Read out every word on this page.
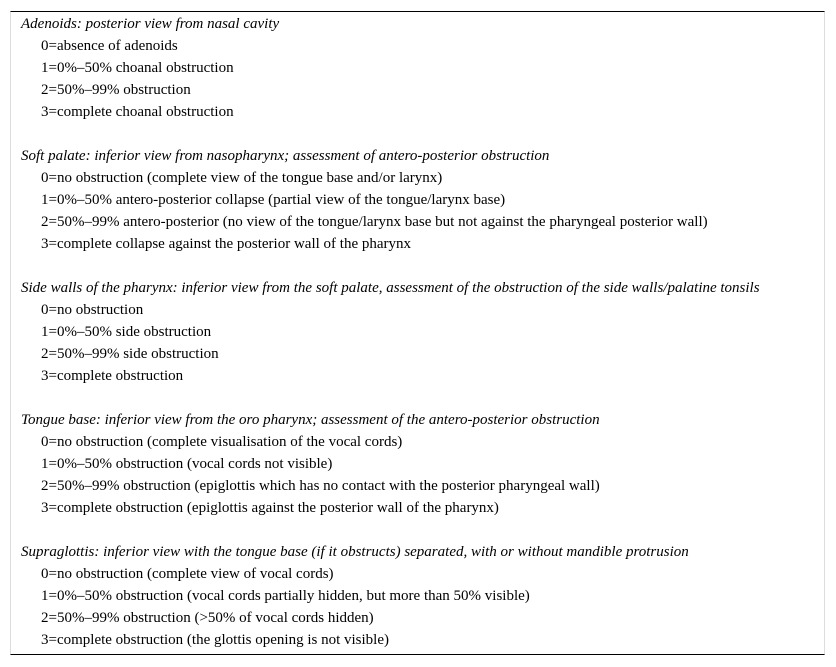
Adenoids: posterior view from nasal cavity
0=absence of adenoids
1=0%–50% choanal obstruction
2=50%–99% obstruction
3=complete choanal obstruction
Soft palate: inferior view from nasopharynx; assessment of antero-posterior obstruction
0=no obstruction (complete view of the tongue base and/or larynx)
1=0%–50% antero-posterior collapse (partial view of the tongue/larynx base)
2=50%–99% antero-posterior (no view of the tongue/larynx base but not against the pharyngeal posterior wall)
3=complete collapse against the posterior wall of the pharynx
Side walls of the pharynx: inferior view from the soft palate, assessment of the obstruction of the side walls/palatine tonsils
0=no obstruction
1=0%–50% side obstruction
2=50%–99% side obstruction
3=complete obstruction
Tongue base: inferior view from the oro pharynx; assessment of the antero-posterior obstruction
0=no obstruction (complete visualisation of the vocal cords)
1=0%–50% obstruction (vocal cords not visible)
2=50%–99% obstruction (epiglottis which has no contact with the posterior pharyngeal wall)
3=complete obstruction (epiglottis against the posterior wall of the pharynx)
Supraglottis: inferior view with the tongue base (if it obstructs) separated, with or without mandible protrusion
0=no obstruction (complete view of vocal cords)
1=0%–50% obstruction (vocal cords partially hidden, but more than 50% visible)
2=50%–99% obstruction (>50% of vocal cords hidden)
3=complete obstruction (the glottis opening is not visible)
